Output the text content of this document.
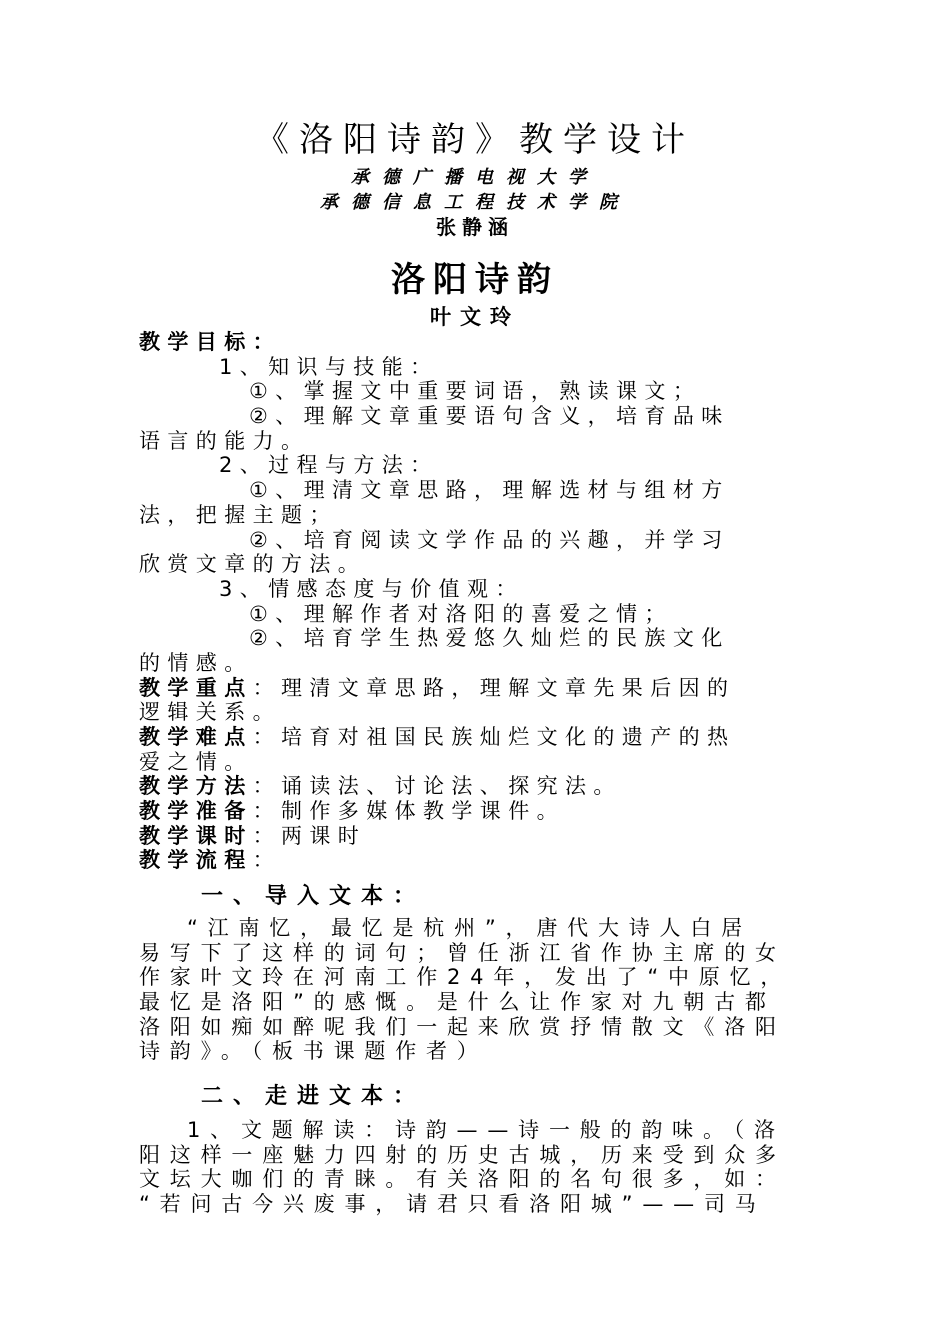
《洛阳诗韵》教学设计
承德广播电视大学
承德信息工程技术学院
张静涵
洛阳诗韵
叶文玲
教学目标：
1、知识与技能：
①、掌握文中重要词语，熟读课文；
②、理解文章重要语句含义，培育品味
语言的能力。
2、过程与方法：
①、理清文章思路，理解选材与组材方
法，把握主题；
②、培育阅读文学作品的兴趣，并学习
欣赏文章的方法。
3、情感态度与价值观：
①、理解作者对洛阳的喜爱之情；
②、培育学生热爱悠久灿烂的民族文化
的情感。
教学重点：理清文章思路，理解文章先果后因的
逻辑关系。
教学难点：培育对祖国民族灿烂文化的遗产的热
爱之情。
教学方法：诵读法、讨论法、探究法。
教学准备：制作多媒体教学课件。
教学课时：两课时
教学流程：
一、导入文本：
“江南忆，最忆是杭州”，唐代大诗人白居
易写下了这样的词句；曾任浙江省作协主席的女
作家叶文玲在河南工作24年，发出了“中原忆，
最忆是洛阳”的感慨。是什么让作家对九朝古都
洛阳如痴如醉呢我们一起来欣赏抒情散文《洛阳
诗韵》。（板书课题作者）
二、走进文本：
1、文题解读：诗韵——诗一般的韵味。（洛
阳这样一座魅力四射的历史古城，历来受到众多
文坛大咖们的青睐。有关洛阳的名句很多，如：
“若问古今兴废事，请君只看洛阳城”——司马
